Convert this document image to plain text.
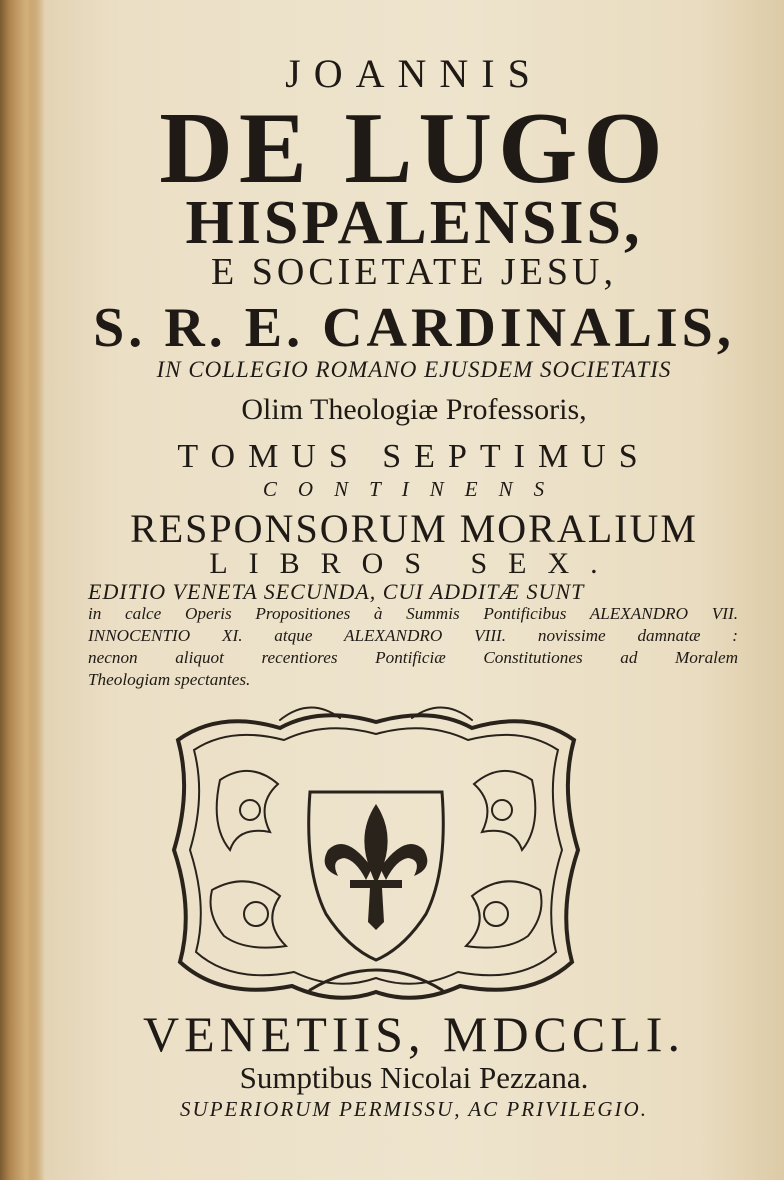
JOANNIS
DE LUGO
HISPALENSIS,
E SOCIETATE JESU,
S. R. E. CARDINALIS,
IN COLLEGIO ROMANO EJUSDEM SOCIETATIS
Olim Theologiæ Professoris,
TOMUS SEPTIMUS
CONTINENS
RESPONSORUM MORALIUM
LIBROS SEX.
EDITIO VENETA SECUNDA, CUI ADDITÆ SUNT
in calce Operis Propositiones à Summis Pontificibus ALEXANDRO VII.
INNOCENTIO XI. atque ALEXANDRO VIII. novissime damnatæ :
necnon aliquot recentiores Pontificiæ Constitutiones ad Moralem
Theologiam spectantes.
VENETIIS, MDCCLI.
Sumptibus Nicolai Pezzana.
SUPERIORUM PERMISSU, AC PRIVILEGIO.
